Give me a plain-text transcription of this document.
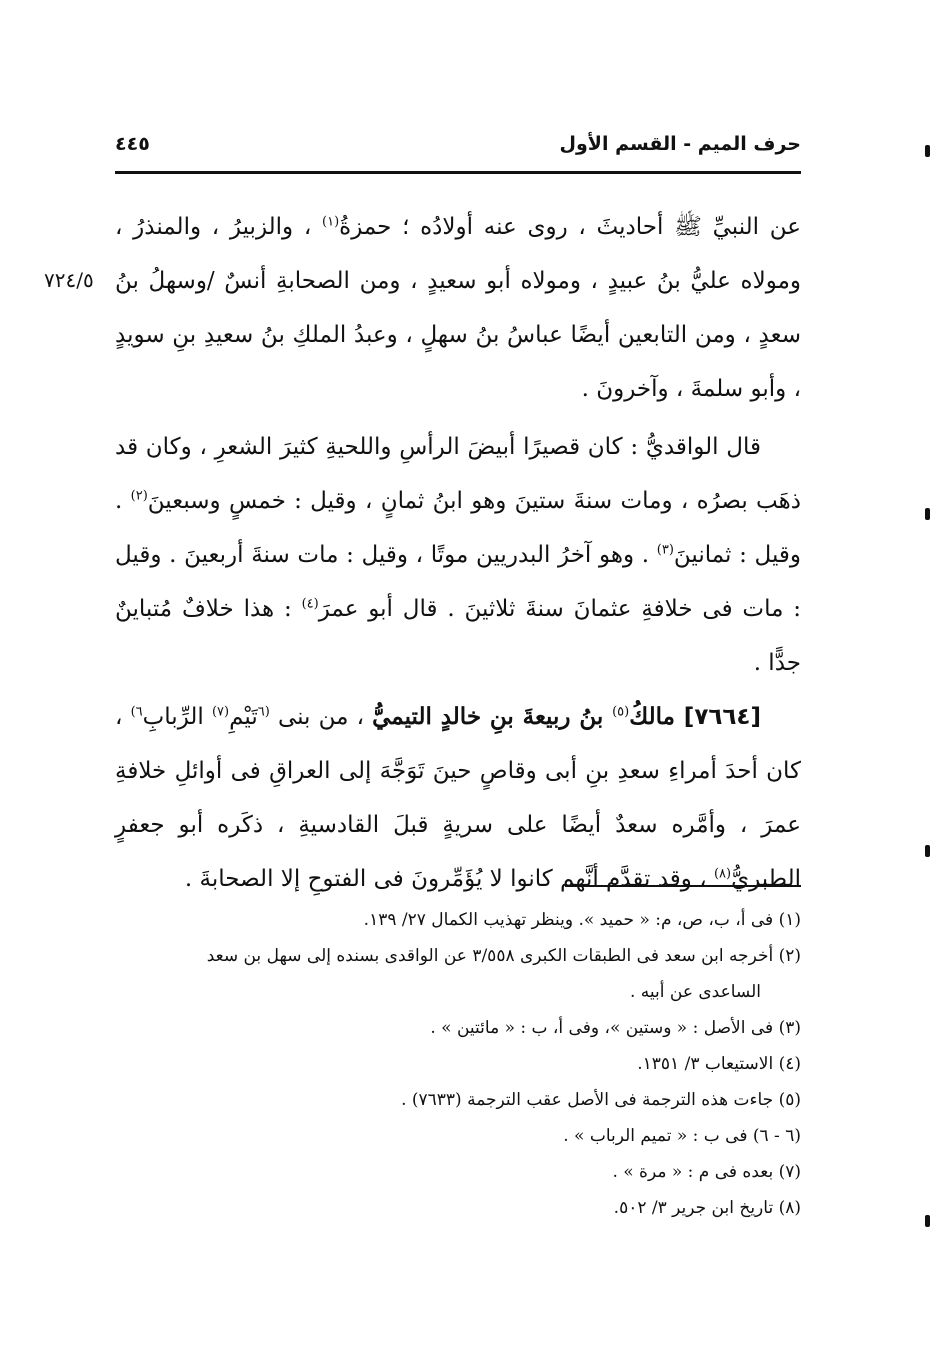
حرف الميم - القسم الأول
٤٤٥
٧٢٤/٥

عن النبيِّ ﷺ أحاديثَ ، روى عنه أولادُه ؛ حمزةُ$^{(١)}$ ، والزبيرُ ، والمنذرُ ، ومولاه عليُّ بنُ عبيدٍ ، ومولاه أبو سعيدٍ ، ومن الصحابةِ أنسٌ /وسهلُ بنُ سعدٍ ، ومن التابعين أيضًا عباسُ بنُ سهلٍ ، وعبدُ الملكِ بنُ سعيدِ بنِ سويدٍ ، وأبو سلمةَ ، وآخرونَ .

قال الواقديُّ : كان قصيرًا أبيضَ الرأسِ واللحيةِ كثيرَ الشعرِ ، وكان قد ذهَب بصرُه ، ومات سنةَ ستينَ وهو ابنُ ثمانٍ ، وقيل : خمسٍ وسبعينَ$^{(٢)}$ . وقيل : ثمانينَ$^{(٣)}$ . وهو آخرُ البدريين موتًا ، وقيل : مات سنةَ أربعينَ . وقيل : مات فى خلافةِ عثمانَ سنةَ ثلاثينَ . قال أبو عمرَ$^{(٤)}$ : هذا خلافٌ مُتباينٌ جدًّا .

[٧٦٦٤] مالكُ$^{(٥)}$ بنُ ربيعةَ بنِ خالدٍ التيميُّ ، من بنى $^{(٦}$تَيْمِ$^{(٧)}$ الرِّبابِ$^{٦)}$ ، كان أحدَ أمراءِ سعدِ بنِ أبى وقاصٍ حينَ تَوَجَّهَ إلى العراقِ فى أوائلِ خلافةِ عمرَ ، وأمَّره سعدٌ أيضًا على سريةٍ قبلَ القادسيةِ ، ذكَره أبو جعفرٍ الطبريُّ$^{(٨)}$ ، وقد تقدَّم أنَّهم كانوا لا يُؤَمِّرونَ فى الفتوحِ إلا الصحابةَ .

(١) فى أ، ب، ص، م: « حميد ». وينظر تهذيب الكمال ٢٧/ ١٣٩.

(٢) أخرجه ابن سعد فى الطبقات الكبرى ٣/٥٥٨ عن الواقدى بسنده إلى سهل بن سعد

الساعدى عن أبيه .

(٣) فى الأصل : « وستين »، وفى أ، ب : « مائتين » .

(٤) الاستيعاب ٣/ ١٣٥١.

(٥) جاءت هذه الترجمة فى الأصل عقب الترجمة (٧٦٣٣) .

(٦ - ٦) فى ب : « تميم الرباب » .

(٧) بعده فى م : « مرة » .

(٨) تاريخ ابن جرير ٣/ ٥٠٢.
